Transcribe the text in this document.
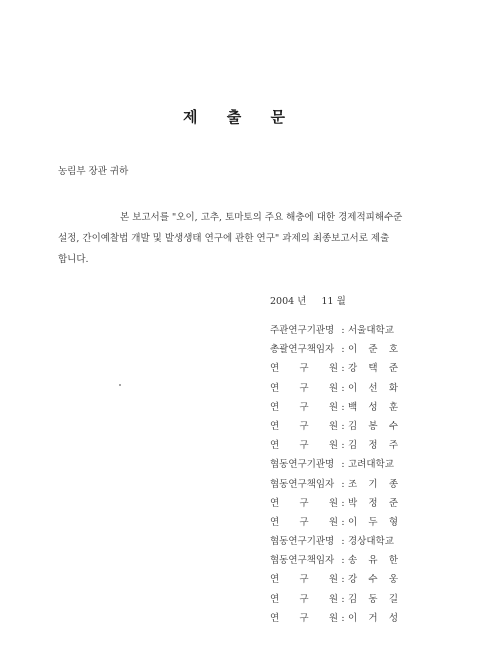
제 출 문
농림부 장관 귀하
본 보고서를 "오이, 고추, 토마토의 주요 해충에 대한 경제적피해수준
설정, 간이예찰법 개발 및 발생생태 연구에 관한 연구" 과제의 최종보고서로 제출
합니다.
2004 년     11 월
주관연구기관명 : 서울대학교
총괄연구책임자 : 이 준 호
연 구 원 : 강 택 준
연 구 원 : 이 선 화
연 구 원 : 백 성 훈
연 구 원 : 김 봉 수
연 구 원 : 김 정 주
협동연구기관명 : 고려대학교
협동연구책임자 : 조 기 종
연 구 원 : 박 정 준
연 구 원 : 이 두 형
협동연구기관명 : 경상대학교
협동연구책임자 : 송 유 한
연 구 원 : 강 수 웅
연 구 원 : 김 동 길
연 구 원 : 이 거 성
